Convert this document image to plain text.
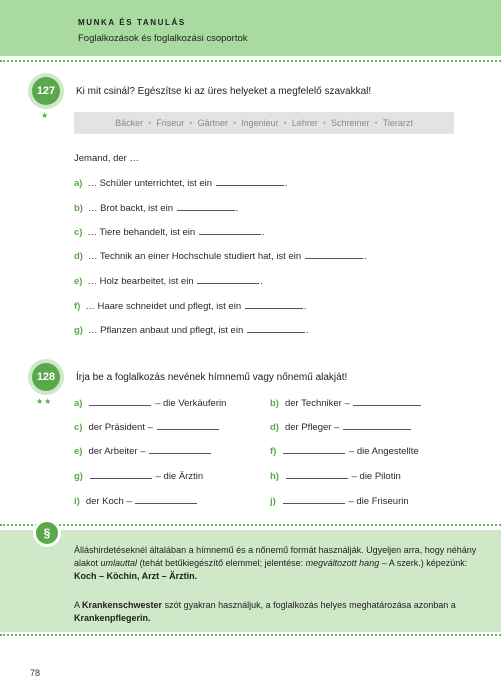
MUNKA ÉS TANULÁS
Foglalkozások és foglalkozási csoportok
127
★
Ki mit csinál? Egészítse ki az üres helyeket a megfelelő szavakkal!
Bäcker • Friseur • Gärtner • Ingenieur • Lehrer • Schreiner • Tierarzt
Jemand, der …
a) … Schüler unterrichtet, ist ein	.
b) … Brot backt, ist ein	.
c) … Tiere behandelt, ist ein	.
d) … Technik an einer Hochschule studiert hat, ist ein	.
e) … Holz bearbeitet, ist ein	.
f) … Haare schneidet und pflegt, ist ein	.
g) … Pflanzen anbaut und pflegt, ist ein	.
128
★★
Írja be a foglalkozás nevének hímnemű vagy nőnemű alakját!
a)	– die Verkäuferin	b) der Techniker –
c) der Präsident –	d) der Pfleger –
e) der Arbeiter –	f)	– die Angestellte
g)	– die Ärztin	h)	– die Pilotin
i) der Koch –	j)	– die Friseurin

Álláshirdetéseknél általában a hímnemű és a nőnemű formát használják. Ugyeljen arra, hogy néhány alakot umlauttal (tehát betűkiegészítő elemmel; jelentése: megváltozott hang – A szerk.) képezünk: Koch – Köchin, Arzt – Ärztin.

A Krankenschwester szót gyakran használjuk, a foglalkozás helyes meghatározása azonban a Krankenpflegerin.

§
78
